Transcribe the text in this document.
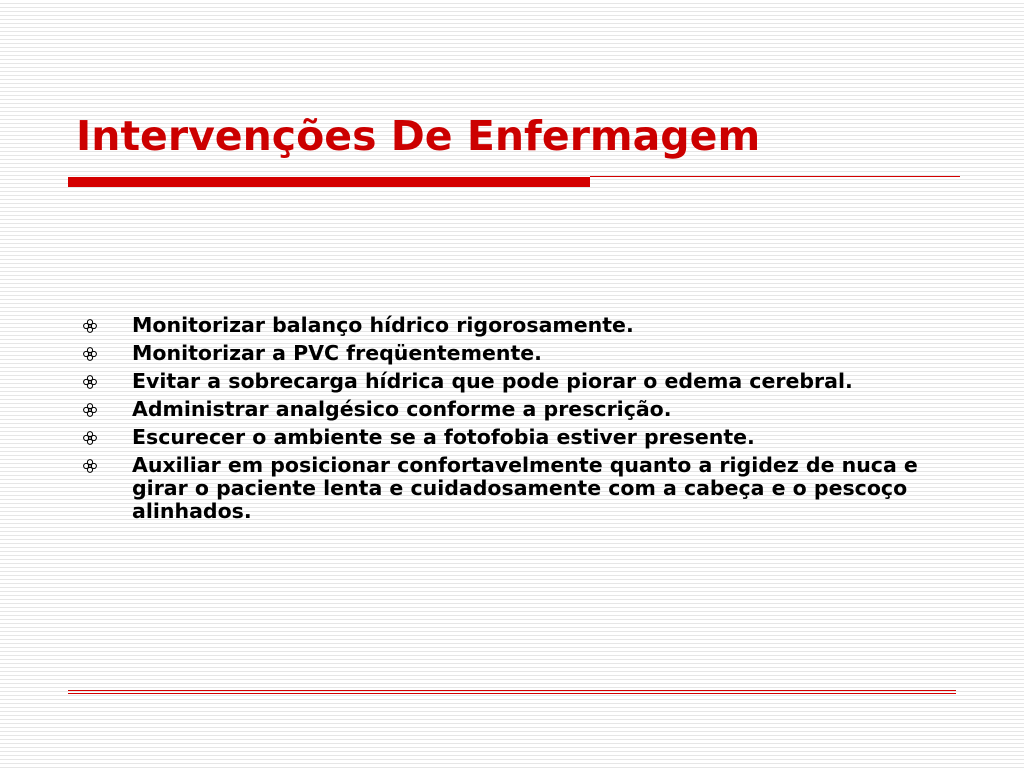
Intervenções De Enfermagem
Monitorizar balanço hídrico rigorosamente.
Monitorizar a PVC freqüentemente.
Evitar a sobrecarga hídrica que pode piorar o edema cerebral.
Administrar analgésico conforme a prescrição.
Escurecer o ambiente se a fotofobia estiver presente.
Auxiliar em posicionar confortavelmente quanto a rigidez de nuca e girar o paciente lenta e cuidadosamente com a cabeça e o pescoço alinhados.
